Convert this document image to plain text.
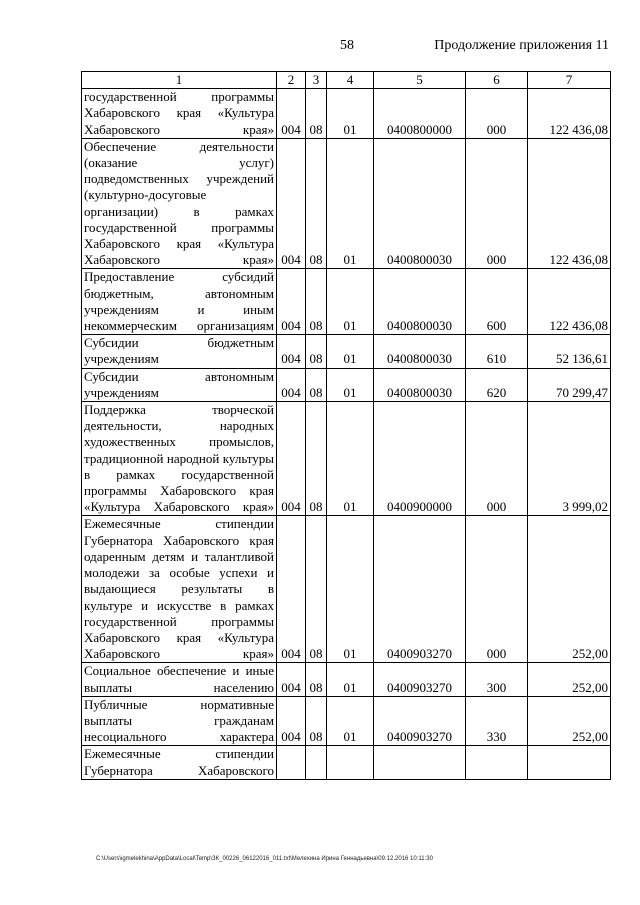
58	Продолжение приложения 11
1	2	3	4	5	6	7
государственной программы Хабаровского края «Культура Хабаровского края»	004	08	01	0400800000	000	122 436,08
Обеспечение деятельности (оказание услуг) подведомственных учреждений (культурно-досуговые организации) в рамках государственной программы Хабаровского края «Культура Хабаровского края»	004	08	01	0400800030	000	122 436,08
Предоставление субсидий бюджетным, автономным учреждениям и иным некоммерческим организациям	004	08	01	0400800030	600	122 436,08
Субсидии бюджетным учреждениям	004	08	01	0400800030	610	52 136,61
Субсидии автономным учреждениям	004	08	01	0400800030	620	70 299,47
Поддержка творческой деятельности, народных художественных промыслов, традиционной народной культуры в рамках государственной программы Хабаровского края «Культура Хабаровского края»	004	08	01	0400900000	000	3 999,02
Ежемесячные стипендии Губернатора Хабаровского края одаренным детям и талантливой молодежи за особые успехи и выдающиеся результаты в культуре и искусстве в рамках государственной программы Хабаровского края «Культура Хабаровского края»	004	08	01	0400903270	000	252,00
Социальное обеспечение и иные выплаты населению	004	08	01	0400903270	300	252,00
Публичные нормативные выплаты гражданам несоциального характера	004	08	01	0400903270	330	252,00
Ежемесячные стипендии Губернатора Хабаровского						
C:\Users\igmelekhina\AppData\Local\Temp\ЗК_00226_06122016_011.txt\Мелехина Ирина Геннадьевна\09.12.2016 10:11:30
